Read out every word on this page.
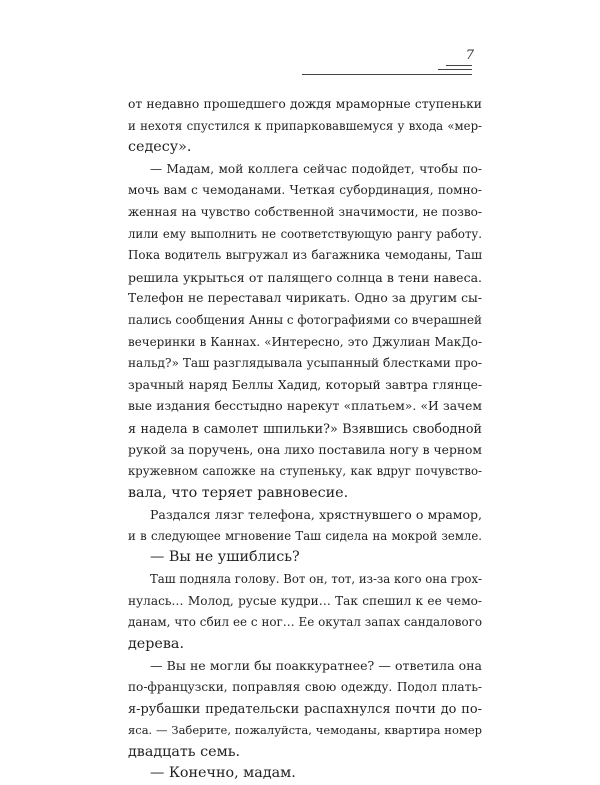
7
от недавно прошедшего дождя мраморные ступеньки
и нехотя спустился к припарковавшемуся у входа «мер-
седесу».
— Мадам, мой коллега сейчас подойдет, чтобы по-
мочь вам с чемоданами. Четкая субординация, помно-
женная на чувство собственной значимости, не позво-
лили ему выполнить не соответствующую рангу работу.
Пока водитель выгружал из багажника чемоданы, Таш
решила укрыться от палящего солнца в тени навеса.
Телефон не переставал чирикать. Одно за другим сы-
пались сообщения Анны с фотографиями со вчерашней
вечеринки в Каннах. «Интересно, это Джулиан МакДо-
нальд?» Таш разглядывала усыпанный блестками про-
зрачный наряд Беллы Хадид, который завтра глянце-
вые издания бесстыдно нарекут «платьем». «И зачем
я надела в самолет шпильки?» Взявшись свободной
рукой за поручень, она лихо поставила ногу в черном
кружевном сапожке на ступеньку, как вдруг почувство-
вала, что теряет равновесие.
Раздался лязг телефона, хрястнувшего о мрамор,
и в следующее мгновение Таш сидела на мокрой земле.
— Вы не ушиблись?
Таш подняла голову. Вот он, тот, из-за кого она грох-
нулась… Молод, русые кудри… Так спешил к ее чемо-
данам, что сбил ее с ног… Ее окутал запах сандалового
дерева.
— Вы не могли бы поаккуратнее? — ответила она
по-французски, поправляя свою одежду. Подол плать-
я-рубашки предательски распахнулся почти до по-
яса. — Заберите, пожалуйста, чемоданы, квартира номер
двадцать семь.
— Конечно, мадам.
